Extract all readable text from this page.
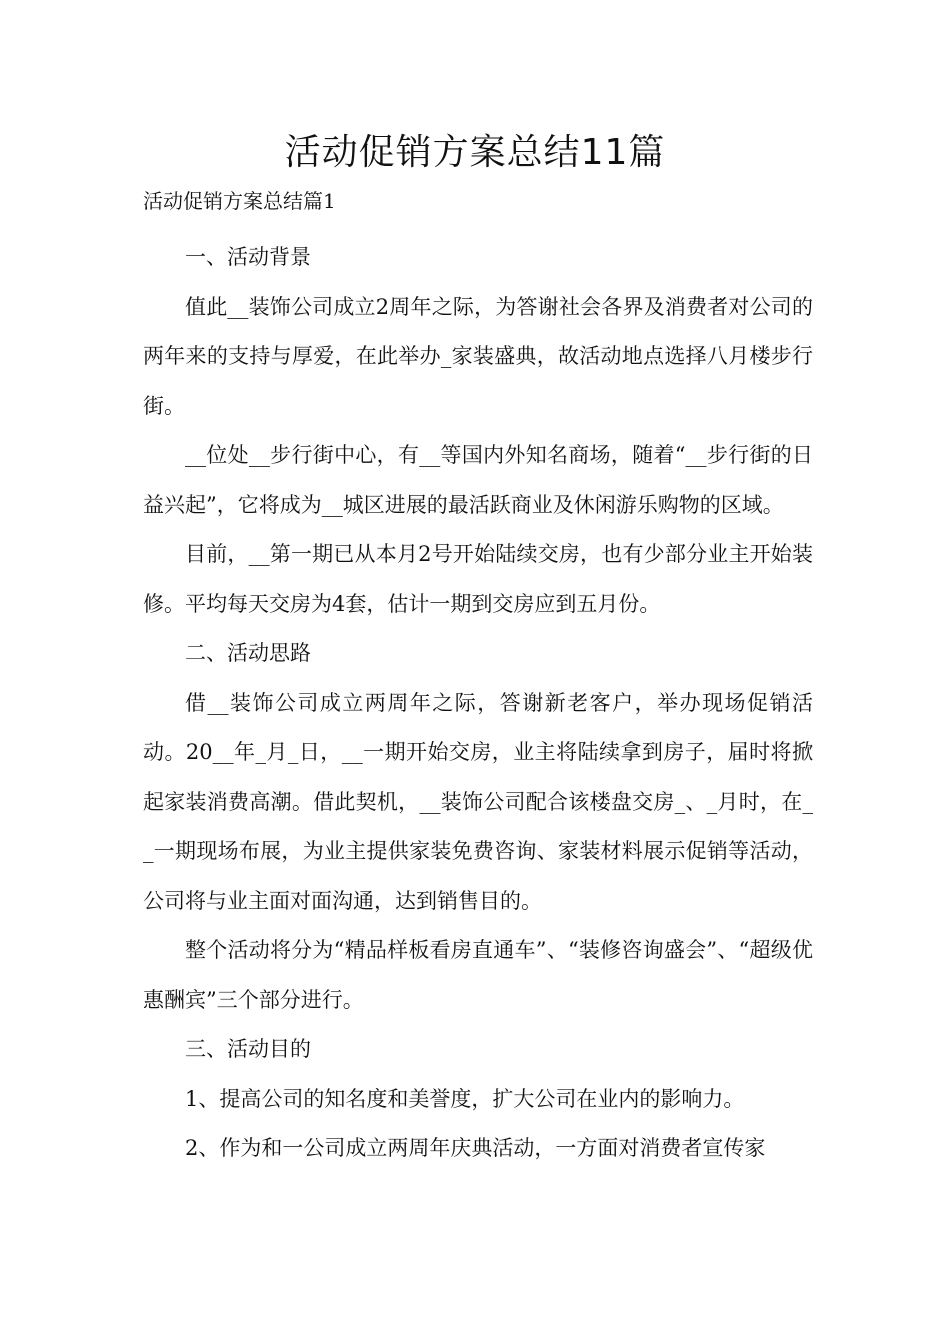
活动促销方案总结11篇

活动促销方案总结篇1

一、活动背景

值此__装饰公司成立2周年之际，为答谢社会各界及消费者对公司的两年来的支持与厚爱，在此举办_家装盛典，故活动地点选择八月楼步行街。

__位处__步行街中心，有__等国内外知名商场，随着“__步行街的日益兴起”，它将成为__城区进展的最活跃商业及休闲游乐购物的区域。

目前，__第一期已从本月2号开始陆续交房，也有少部分业主开始装修。平均每天交房为4套，估计一期到交房应到五月份。

二、活动思路

借__装饰公司成立两周年之际，答谢新老客户，举办现场促销活动。20__年_月_日，__一期开始交房，业主将陆续拿到房子，届时将掀起家装消费高潮。借此契机，__装饰公司配合该楼盘交房_、_月时，在__一期现场布展，为业主提供家装免费咨询、家装材料展示促销等活动，公司将与业主面对面沟通，达到销售目的。

整个活动将分为“精品样板看房直通车”、“装修咨询盛会”、“超级优惠酬宾”三个部分进行。

三、活动目的

1、提高公司的知名度和美誉度，扩大公司在业内的影响力。

2、作为和一公司成立两周年庆典活动，一方面对消费者宣传家
